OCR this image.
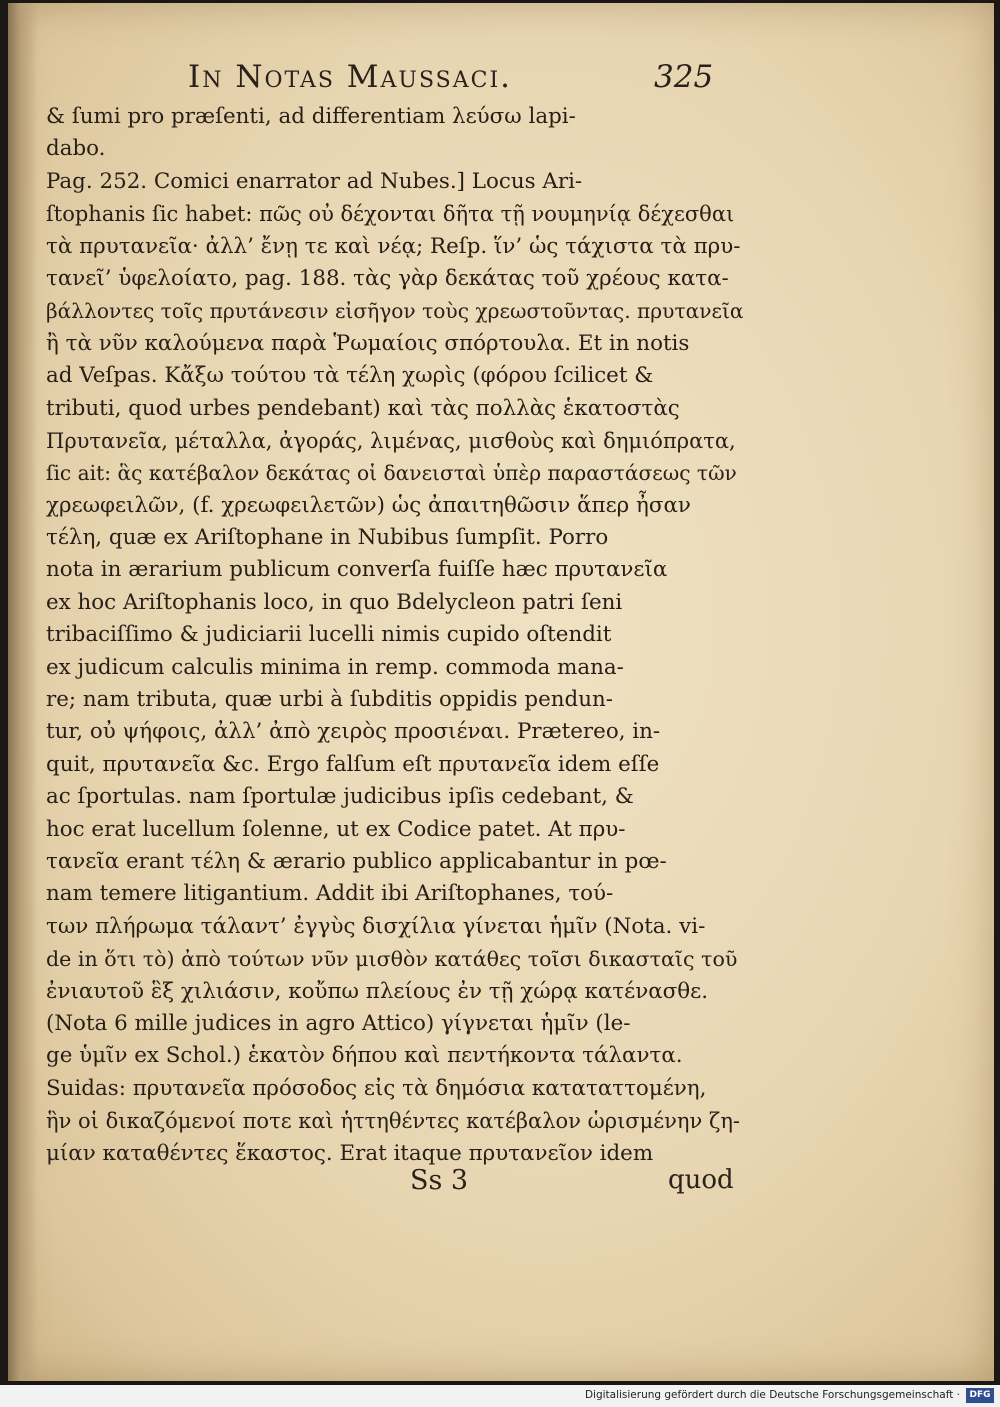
In Notas Maussaci.	325
& ſumi pro præſenti, ad differentiam λεύσω lapi-
dabo.
Pag. 252. Comici enarrator ad Nubes.] Locus Ari-
ſtophanis ſic habet: πῶς οὐ δέχονται δῆτα τῇ νουμηνίᾳ δέχεσθαι
τὰ πρυτανεῖα· ἀλλ’ ἔνῃ τε καὶ νέᾳ; Reſp. ἵν’ ὡς τάχιστα τὰ πρυ-
τανεῖ’ ὑφελοίατο, pag. 188. τὰς γὰρ δεκάτας τοῦ χρέους κατα-
βάλλοντες τοῖς πρυτάνεσιν εἰσῆγον τοὺς χρεωστοῦντας. πρυτανεῖα
ἢ τὰ νῦν καλούμενα παρὰ Ῥωμαίοις σπόρτουλα. Et in notis
ad Veſpas. Κἄξω τούτου τὰ τέλη χωρὶς (φόρου ſcilicet &
tributi, quod urbes pendebant) καὶ τὰς πολλὰς ἑκατοστὰς
Πρυτανεῖα, μέταλλα, ἀγοράς, λιμένας, μισθοὺς καὶ δημιόπρατα,
ſic ait: ἃς κατέβαλον δεκάτας οἱ δανεισταὶ ὑπὲρ παραστάσεως τῶν
χρεωφειλῶν, (f. χρεωφειλετῶν) ὡς ἀπαιτηθῶσιν ἅπερ ἦσαν
τέλη, quæ ex Ariſtophane in Nubibus ſumpſit. Porro
nota in ærarium publicum converſa fuiſſe hæc πρυτανεῖα
ex hoc Ariſtophanis loco, in quo Bdelycleon patri ſeni
tribaciſſimo & judiciarii lucelli nimis cupido oſtendit
ex judicum calculis minima in remp. commoda mana-
re; nam tributa, quæ urbi à ſubditis oppidis pendun-
tur, οὐ ψήφοις, ἀλλ’ ἀπὸ χειρὸς προσιέναι. Prætereo, in-
quit, πρυτανεῖα &c. Ergo falſum eſt πρυτανεῖα idem eſſe
ac ſportulas. nam ſportulæ judicibus ipſis cedebant, &
hoc erat lucellum ſolenne, ut ex Codice patet. At πρυ-
τανεῖα erant τέλη & ærario publico applicabantur in pœ-
nam temere litigantium. Addit ibi Ariſtophanes, τού-
των πλήρωμα τάλαντ’ ἐγγὺς δισχίλια γίνεται ἡμῖν (Nota. vi-
de in ὅτι τὸ) ἀπὸ τούτων νῦν μισθὸν κατάθες τοῖσι δικασταῖς τοῦ
ἐνιαυτοῦ ἓξ χιλιάσιν, κοὔπω πλείους ἐν τῇ χώρᾳ κατένασθε.
(Nota 6 mille judices in agro Attico) γίγνεται ἡμῖν (le-
ge ὑμῖν ex Schol.) ἑκατὸν δήπου καὶ πεντήκοντα τάλαντα.
Suidas: πρυτανεῖα πρόσοδος εἰς τὰ δημόσια καταταττομένη,
ἣν οἱ δικαζόμενοί ποτε καὶ ἡττηθέντες κατέβαλον ὡρισμένην ζη-
μίαν καταθέντες ἕκαστος. Erat itaque πρυτανεῖον idem
Ss 3	quod
Digitalisierung gefördert durch die Deutsche Forschungsgemeinschaft ·	DFG
